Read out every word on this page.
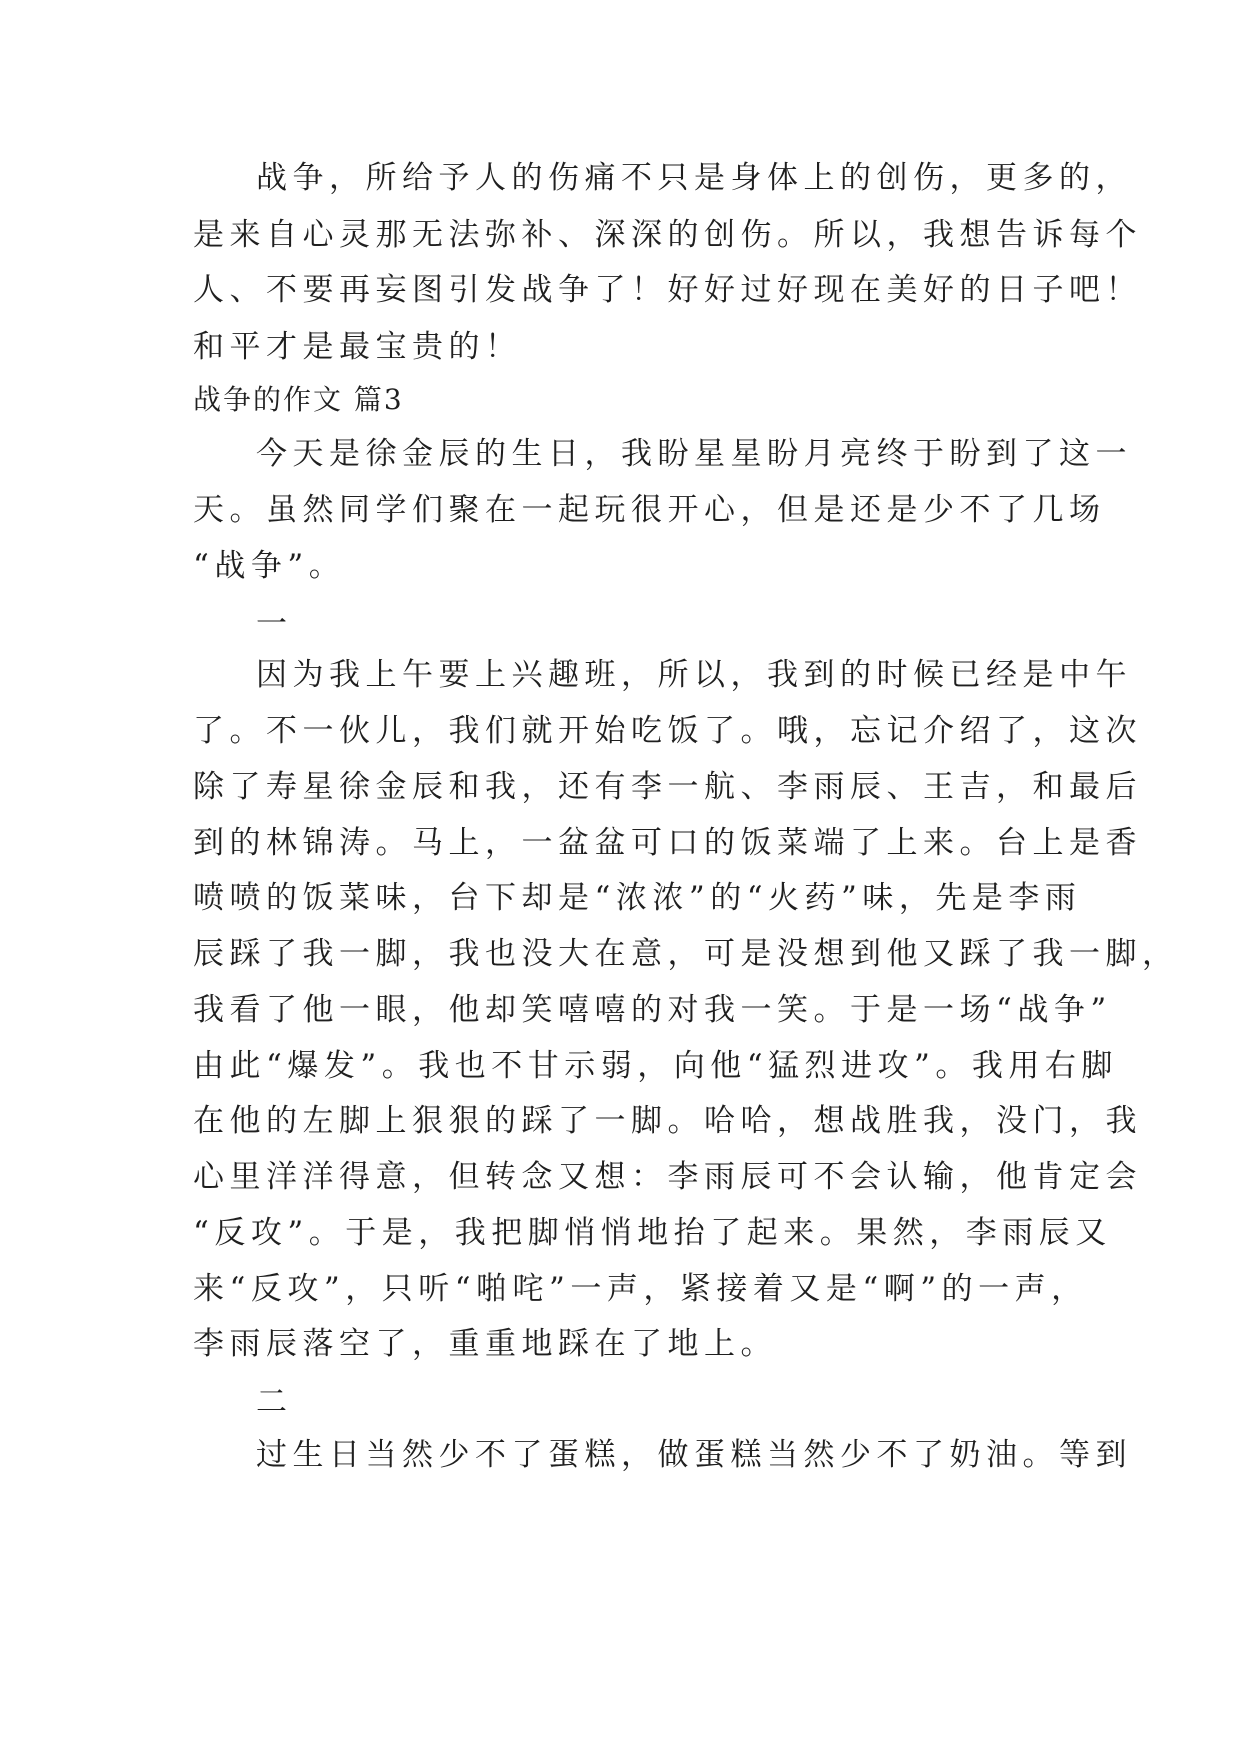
战争，所给予人的伤痛不只是身体上的创伤，更多的，
是来自心灵那无法弥补、深深的创伤。所以，我想告诉每个
人、不要再妄图引发战争了！好好过好现在美好的日子吧！
和平才是最宝贵的！
战争的作文 篇3
今天是徐金辰的生日，我盼星星盼月亮终于盼到了这一
天。虽然同学们聚在一起玩很开心，但是还是少不了几场
“战争”。
一
因为我上午要上兴趣班，所以，我到的时候已经是中午
了。不一伙儿，我们就开始吃饭了。哦，忘记介绍了，这次
除了寿星徐金辰和我，还有李一航、李雨辰、王吉，和最后
到的林锦涛。马上，一盆盆可口的饭菜端了上来。台上是香
喷喷的饭菜味，台下却是“浓浓”的“火药”味，先是李雨
辰踩了我一脚，我也没大在意，可是没想到他又踩了我一脚，
我看了他一眼，他却笑嘻嘻的对我一笑。于是一场“战争”
由此“爆发”。我也不甘示弱，向他“猛烈进攻”。我用右脚
在他的左脚上狠狠的踩了一脚。哈哈，想战胜我，没门，我
心里洋洋得意，但转念又想：李雨辰可不会认输，他肯定会
“反攻”。于是，我把脚悄悄地抬了起来。果然，李雨辰又
来“反攻”，只听“啪咤”一声，紧接着又是“啊”的一声，
李雨辰落空了，重重地踩在了地上。
二
过生日当然少不了蛋糕，做蛋糕当然少不了奶油。等到
